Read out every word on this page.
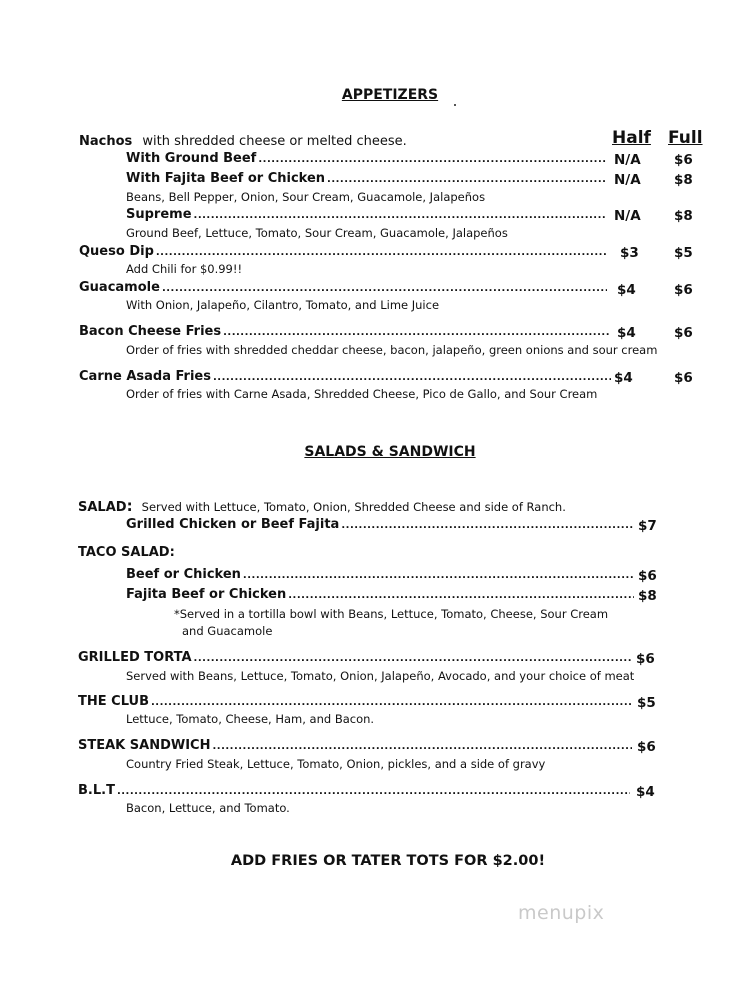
APPETIZERS
Half Full
Nachos with shredded cheese or melted cheese.
With Ground Beef .....	N/A $6
With Fajita Beef or Chicken .....	N/A $8
Beans, Bell Pepper, Onion, Sour Cream, Guacamole, Jalapeños
Supreme .....	N/A $8
Ground Beef, Lettuce, Tomato, Sour Cream, Guacamole, Jalapeños
Queso Dip .....	$3	$5
Add Chili for $0.99!!
Guacamole .....	$4	$6
With Onion, Jalapeño, Cilantro, Tomato, and Lime Juice
Bacon Cheese Fries .....	$4	$6
Order of fries with shredded cheddar cheese, bacon, jalapeño, green onions and sour cream
Carne Asada Fries .....	$4	$6
Order of fries with Carne Asada, Shredded Cheese, Pico de Gallo, and Sour Cream
SALADS & SANDWICH
SALAD: Served with Lettuce, Tomato, Onion, Shredded Cheese and side of Ranch.
Grilled Chicken or Beef Fajita .....	$7
TACO SALAD:
Beef or Chicken .....	$6
Fajita Beef or Chicken .....	$8
*Served in a tortilla bowl with Beans, Lettuce, Tomato, Cheese, Sour Cream
and Guacamole
GRILLED TORTA .....	$6
Served with Beans, Lettuce, Tomato, Onion, Jalapeño, Avocado, and your choice of meat
THE CLUB .....	$5
Lettuce, Tomato, Cheese, Ham, and Bacon.
STEAK SANDWICH .....	$6
Country Fried Steak, Lettuce, Tomato, Onion, pickles, and a side of gravy
B.L.T .....	$4
Bacon, Lettuce, and Tomato.
ADD FRIES OR TATER TOTS FOR $2.00!
menupix
